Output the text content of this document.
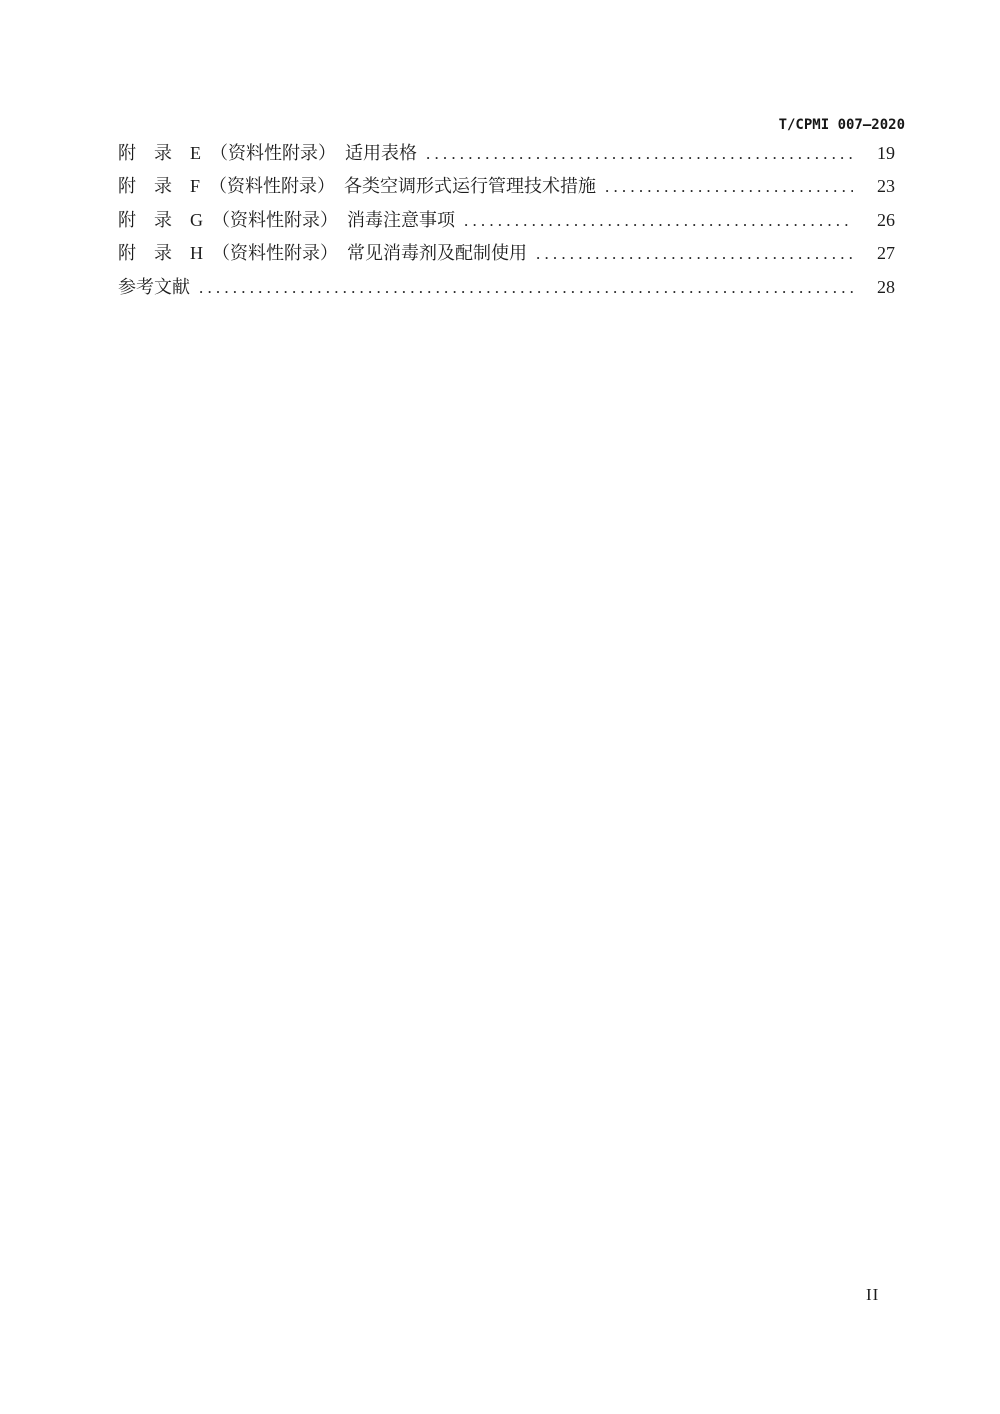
T/CPMI 007—2020
附　录　E　（资料性附录）　适用表格 .....	19
附　录　F　（资料性附录）　各类空调形式运行管理技术措施 .....	23
附　录　G　（资料性附录）　消毒注意事项 .....	26
附　录　H　（资料性附录）　常见消毒剂及配制使用 .....	27
参考文献 .....	28
II
